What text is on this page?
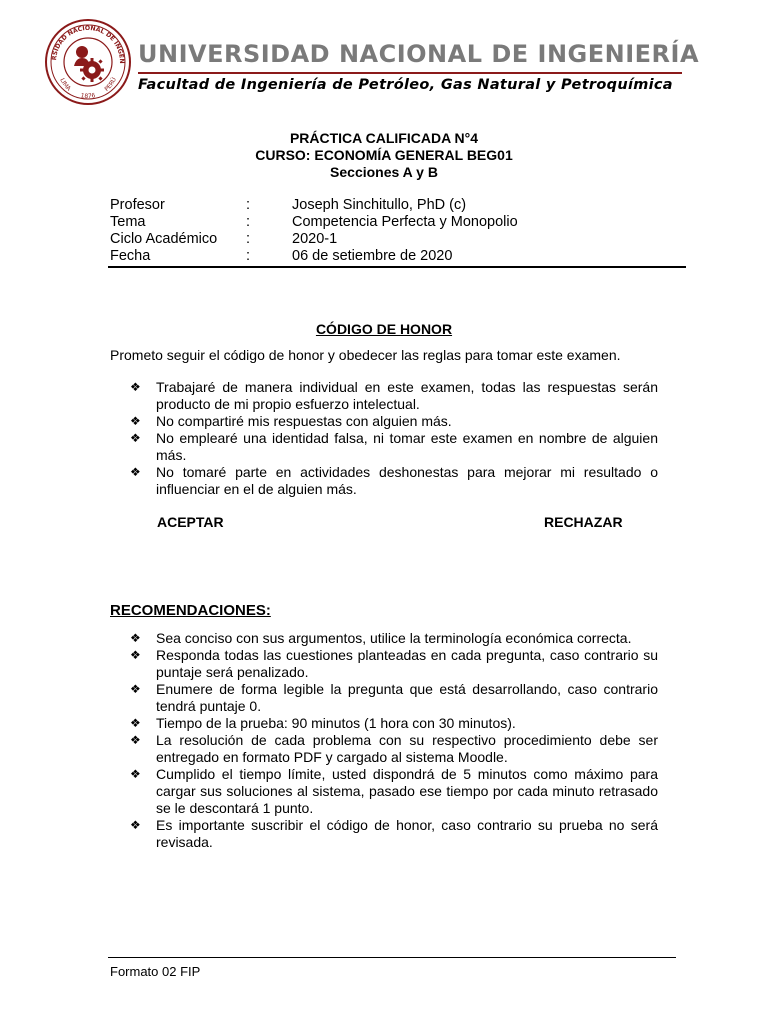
RSIDAD NACIONAL DE INGEN
LIMA
1876
PERÚ
UNIVERSIDAD NACIONAL DE INGENIERÍA
Facultad de Ingeniería de Petróleo, Gas Natural y Petroquímica
PRÁCTICA CALIFICADA N°4
CURSO: ECONOMÍA GENERAL BEG01
Secciones A y B
Profesor	:	Joseph Sinchitullo, PhD (c)
Tema	:	Competencia Perfecta y Monopolio
Ciclo Académico :	2020-1
Fecha	:	06 de setiembre de 2020
CÓDIGO DE HONOR
Prometo seguir el código de honor y obedecer las reglas para tomar este examen.
❖ Trabajaré de manera individual en este examen, todas las respuestas serán producto de mi propio esfuerzo intelectual.
❖ No compartiré mis respuestas con alguien más.
❖ No emplearé una identidad falsa, ni tomar este examen en nombre de alguien más.
❖ No tomaré parte en actividades deshonestas para mejorar mi resultado o influenciar en el de alguien más.
ACEPTAR	RECHAZAR
RECOMENDACIONES:
❖ Sea conciso con sus argumentos, utilice la terminología económica correcta.
❖ Responda todas las cuestiones planteadas en cada pregunta, caso contrario su puntaje será penalizado.
❖ Enumere de forma legible la pregunta que está desarrollando, caso contrario tendrá puntaje 0.
❖ Tiempo de la prueba: 90 minutos (1 hora con 30 minutos).
❖ La resolución de cada problema con su respectivo procedimiento debe ser entregado en formato PDF y cargado al sistema Moodle.
❖ Cumplido el tiempo límite, usted dispondrá de 5 minutos como máximo para cargar sus soluciones al sistema, pasado ese tiempo por cada minuto retrasado se le descontará 1 punto.
❖ Es importante suscribir el código de honor, caso contrario su prueba no será revisada.
Formato 02 FIP
